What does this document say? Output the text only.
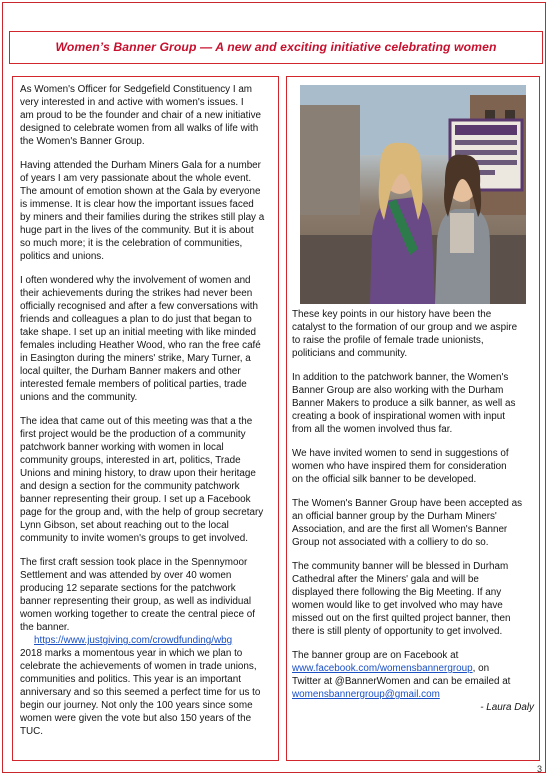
Women’s Banner Group — A new and exciting initiative celebrating women

As Women's Officer for Sedgefield Constituency I am
very interested in and active with women's issues. I
am proud to be the founder and chair of a new initiative
designed to celebrate women from all walks of life with
the Women's Banner Group.

Having attended the Durham Miners Gala for a number
of years I am very passionate about the whole event.
The amount of emotion shown at the Gala by everyone
is immense. It is clear how the important issues faced
by miners and their families during the strikes still play a
huge part in the lives of the community. But it is about
so much more; it is the celebration of communities,
politics and unions.

I often wondered why the involvement of women and
their achievements during the strikes had never been
officially recognised and after a few conversations with
friends and colleagues a plan to do just that began to
take shape. I set up an initial meeting with like minded
females including Heather Wood, who ran the free café
in Easington during the miners' strike, Mary Turner, a
local quilter, the Durham Banner makers and other
interested female members of political parties, trade
unions and the community.

The idea that came out of this meeting was that a the
first project would be the production of a community
patchwork banner working with women in local
community groups, interested in art, politics, Trade
Unions and mining history, to draw upon their heritage
and design a section for the community patchwork
banner representing their group. I set up a Facebook
page for the group and, with the help of group secretary
Lynn Gibson, set about reaching out to the local
community to invite women's groups to get involved.

The first craft session took place in the Spennymoor
Settlement and was attended by over 40 women
producing 12 separate sections for the patchwork
banner representing their group, as well as individual
women working together to create the central piece of
the banner.

https://www.justgiving.com/crowdfunding/wbg

2018 marks a momentous year in which we plan to
celebrate the achievements of women in trade unions,
communities and politics. This year is an important
anniversary and so this seemed a perfect time for us to
begin our journey. Not only the 100 years since some
women were given the vote but also 150 years of the
TUC.

These key points in our history have been the
catalyst to the formation of our group and we aspire
to raise the profile of female trade unionists,
politicians and community.

In addition to the patchwork banner, the Women's
Banner Group are also working with the Durham
Banner Makers to produce a silk banner, as well as
creating a book of inspirational women with input
from all the women involved thus far.

We have invited women to send in suggestions of
women who have inspired them for consideration
on the official silk banner to be developed.

The Women's Banner Group have been accepted as
an official banner group by the Durham Miners'
Association, and are the first all Women's Banner
Group not associated with a colliery to do so.

The community banner will be blessed in Durham
Cathedral after the Miners' gala and will be
displayed there following the Big Meeting. If any
women would like to get involved who may have
missed out on the first quilted project banner, then
there is still plenty of opportunity to get involved.

The banner group are on Facebook at
www.facebook.com/womensbannergroup, on
Twitter at @BannerWomen and can be emailed at
womensbannergroup@gmail.com
- Laura Daly
3
